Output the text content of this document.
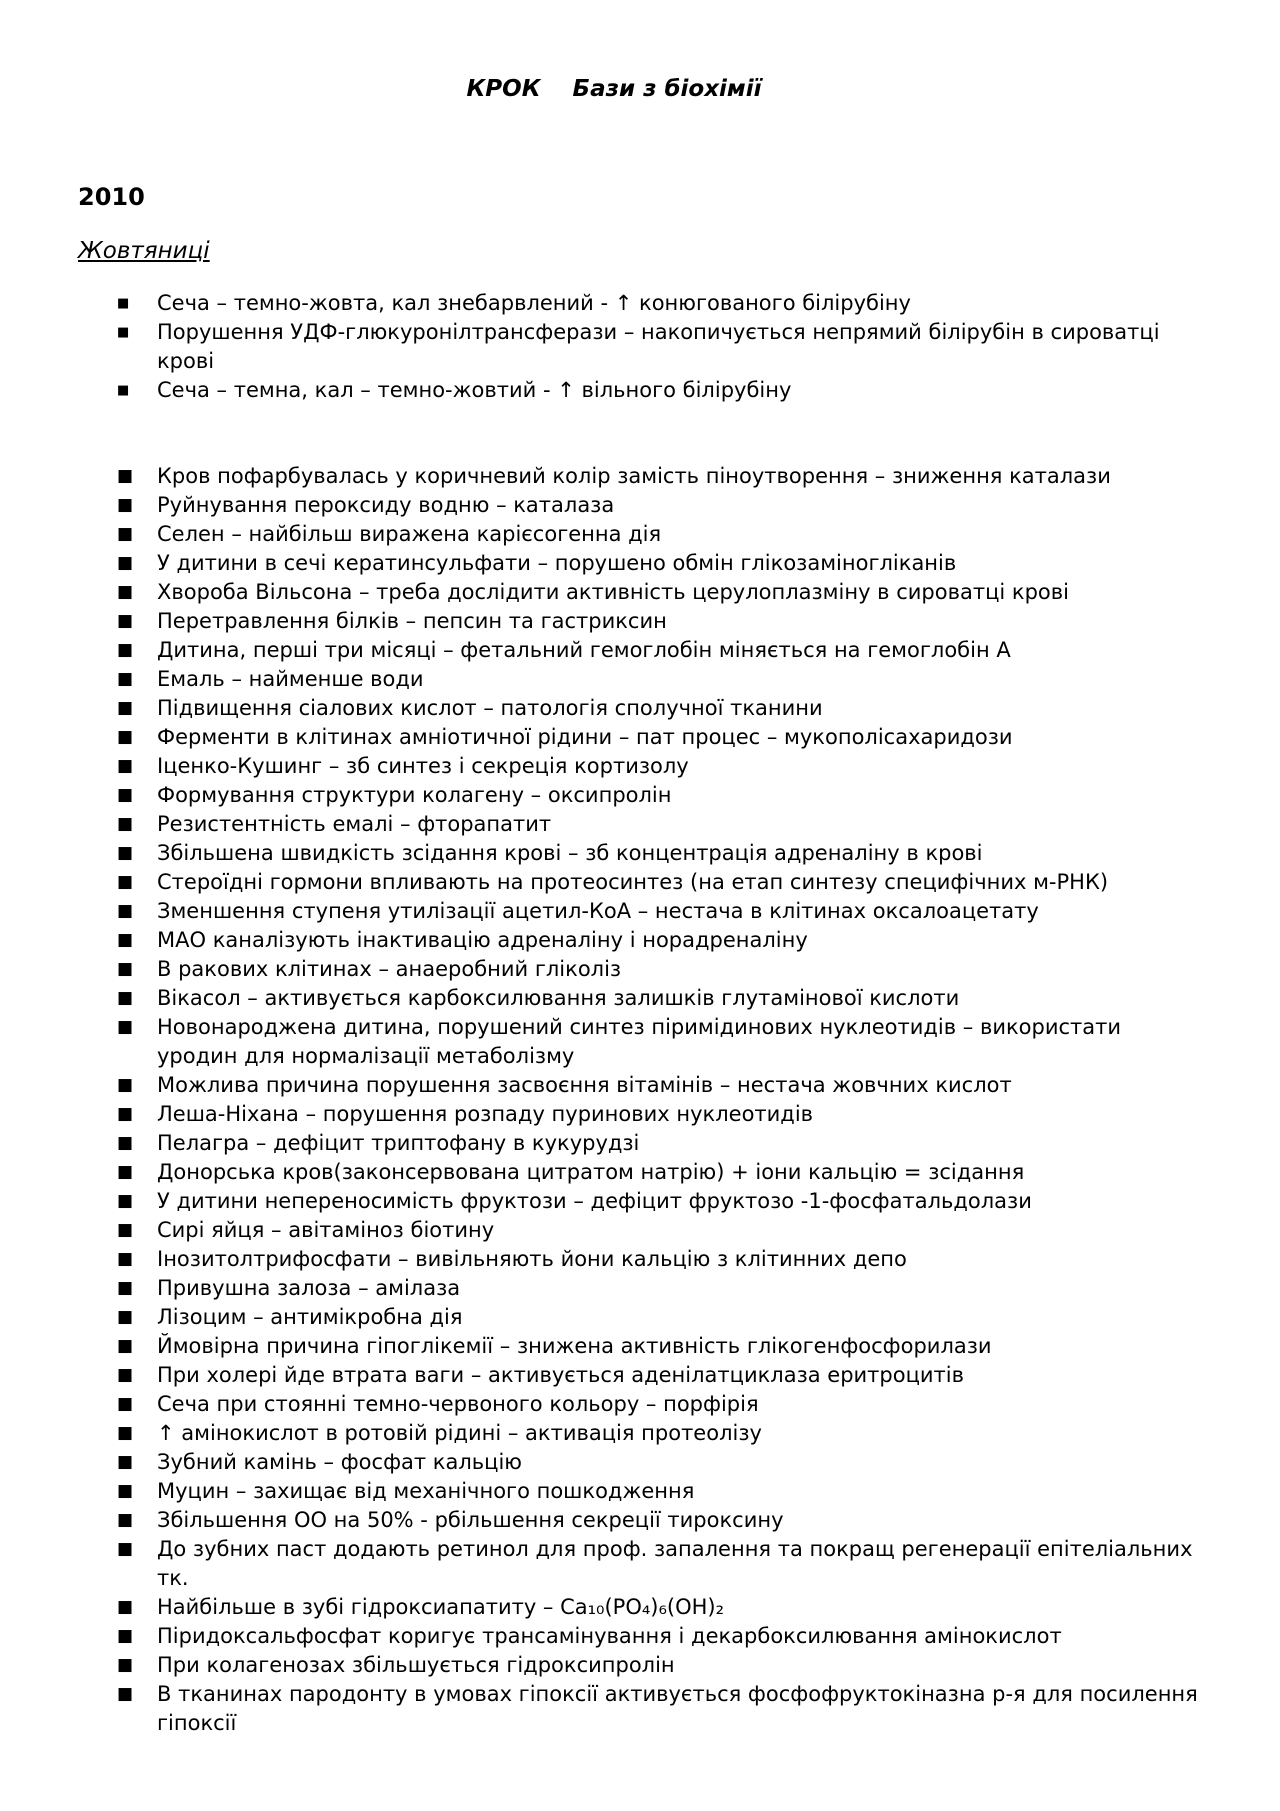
КРОК    Бази з біохімії
2010
Жовтяниці
■ Сеча – темно-жовта, кал знебарвлений - ↑ конюгованого білірубіну
■ Порушення УДФ-глюкуронілтрансферази – накопичується непрямий білірубін в сироватці крові
■ Сеча – темна, кал – темно-жовтий - ↑ вільного білірубіну
■ Кров пофарбувалась у коричневий колір замість піноутворення – зниження каталази
■ Руйнування пероксиду водню – каталаза
■ Селен – найбільш виражена карієсогенна дія
■ У дитини в сечі кератинсульфати – порушено обмін глікозаміногліканів
■ Хвороба Вільсона – треба дослідити активність церулоплазміну в сироватці крові
■ Перетравлення білків – пепсин та гастриксин
■ Дитина, перші три місяці – фетальний гемоглобін міняється на гемоглобін А
■ Емаль – найменше води
■ Підвищення сіалових кислот – патологія сполучної тканини
■ Ферменти в клітинах амніотичної рідини – пат процес – мукополісахаридози
■ Іценко-Кушинг – зб синтез і секреція кортизолу
■ Формування структури колагену – оксипролін
■ Резистентність емалі – фторапатит
■ Збільшена швидкість зсідання крові – зб концентрація адреналіну в крові
■ Стероїдні гормони впливають на протеосинтез (на етап синтезу специфічних м-РНК)
■ Зменшення ступеня утилізації ацетил-КоА – нестача в клітинах оксалоацетату
■ МАО каналізують інактивацію адреналіну і норадреналіну
■ В ракових клітинах – анаеробний гліколіз
■ Вікасол – активується карбоксилювання залишків глутамінової кислоти
■ Новонароджена дитина, порушений синтез піримідинових нуклеотидів – використати уродин для нормалізації метаболізму
■ Можлива причина порушення засвоєння вітамінів – нестача жовчних кислот
■ Леша-Ніхана – порушення розпаду пуринових нуклеотидів
■ Пелагра – дефіцит триптофану в кукурудзі
■ Донорська кров(законсервована цитратом натрію) + іони кальцію = зсідання
■ У дитини непереносимість фруктози – дефіцит фруктозо -1-фосфатальдолази
■ Сирі яйця – авітаміноз біотину
■ Інозитолтрифосфати – вивільняють йони кальцію з клітинних депо
■ Привушна залоза – амілаза
■ Лізоцим – антимікробна дія
■ Ймовірна причина гіпоглікемії – знижена активність глікогенфосфорилази
■ При холері йде втрата ваги – активується аденілатциклаза еритроцитів
■ Сеча при стоянні темно-червоного кольору – порфірія
■ ↑ амінокислот в ротовій рідині – активація протеолізу
■ Зубний камінь – фосфат кальцію
■ Муцин – захищає від механічного пошкодження
■ Збільшення ОО на 50% - рбільшення секреції тироксину
■ До зубних паст додають ретинол для проф. запалення та покращ регенерації епітеліальних тк.
■ Найбільше в зубі гідроксиапатиту – Ca₁₀(PO₄)₆(OH)₂
■ Піридоксальфосфат коригує трансамінування і декарбоксилювання амінокислот
■ При колагенозах збільшується гідроксипролін
■ В тканинах пародонту в умовах гіпоксії активується фосфофруктокіназна р-я для посилення гіпоксії
